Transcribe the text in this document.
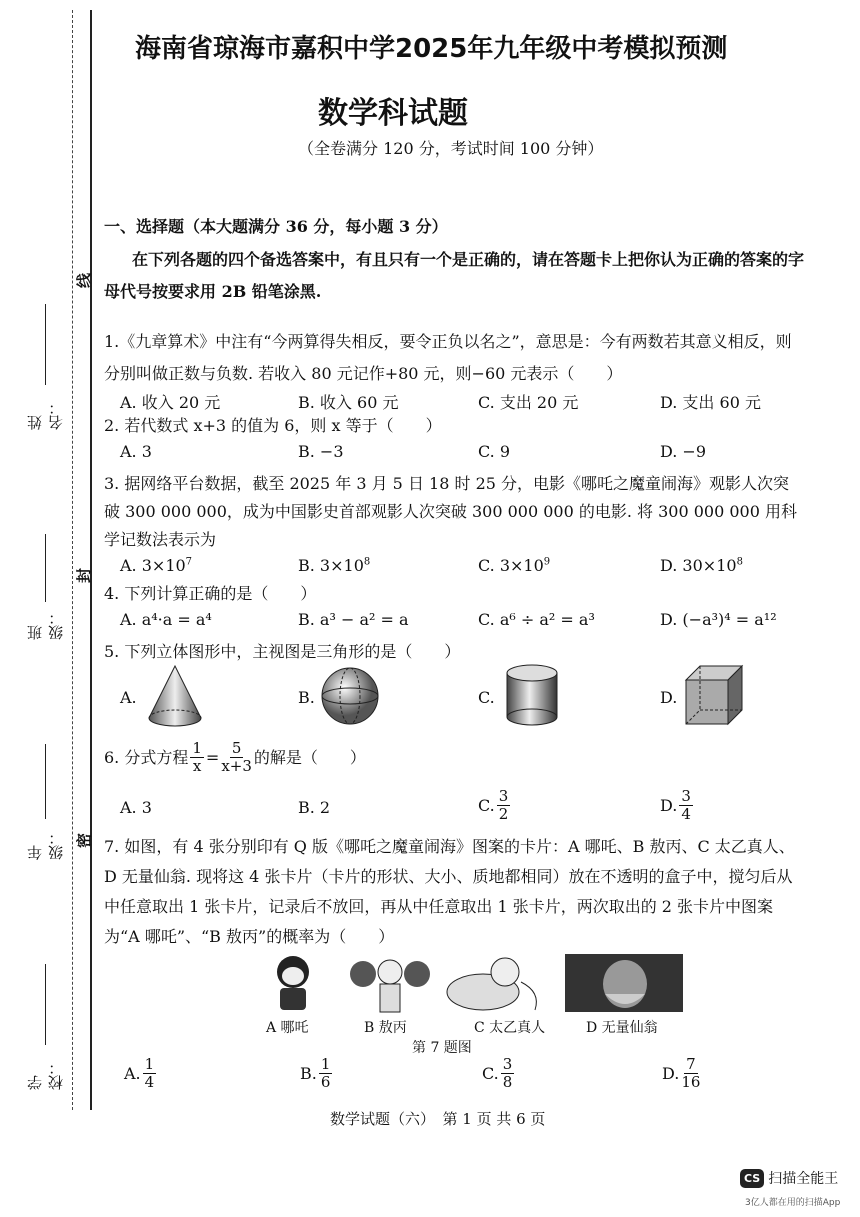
姓名：
班级：
年级：
学校：
线
封
密
海南省琼海市嘉积中学2025年九年级中考模拟预测
数学科试题
（全卷满分 120 分，考试时间 100 分钟）
一、选择题（本大题满分 36 分，每小题 3 分）
在下列各题的四个备选答案中，有且只有一个是正确的，请在答题卡上把你认为正确的答案的字母代号按要求用 2B 铅笔涂黑.
1.《九章算术》中注有“今两算得失相反，要令正负以名之”，意思是：今有两数若其意义相反，则分别叫做正数与负数. 若收入 80 元记作+80 元，则−60 元表示（　　）
A. 收入 20 元	B. 收入 60 元	C. 支出 20 元	D. 支出 60 元
2. 若代数式 x+3 的值为 6，则 x 等于（　　）
A. 3	B. −3	C. 9	D. −9
3. 据网络平台数据，截至 2025 年 3 月 5 日 18 时 25 分，电影《哪吒之魔童闹海》观影人次突破 300 000 000，成为中国影史首部观影人次突破 300 000 000 的电影. 将 300 000 000 用科学记数法表示为
A. $3\times 10^7$	B. $3\times 10^8$	C. $3\times 10^9$	D. $30\times 10^8$
4. 下列计算正确的是（　　）
A. a⁴·a = a⁴	B. a³ − a² = a	C. a⁶ ÷ a² = a³	D. (−a³)⁴ = a¹²
5. 下列立体图形中，主视图是三角形的是（　　）
A.	B.	C.	D.
6. 分式方程 $\frac{1}{x} = \frac{5}{x+3}$ 的解是（　　）
A. 3	B. 2	C. $\frac{3}{2}$	D. $\frac{3}{4}$
7. 如图，有 4 张分别印有 Q 版《哪吒之魔童闹海》图案的卡片：A 哪吒、B 敖丙、C 太乙真人、D 无量仙翁. 现将这 4 张卡片（卡片的形状、大小、质地都相同）放在不透明的盒子中，搅匀后从中任意取出 1 张卡片，记录后不放回，再从中任意取出 1 张卡片，两次取出的 2 张卡片中图案为“A 哪吒”、“B 敖丙”的概率为（　　）
A 哪吒	B 敖丙	C 太乙真人	D 无量仙翁
第 7 题图
A. $\frac{1}{4}$	B. $\frac{1}{6}$	C. $\frac{3}{8}$	D. $\frac{7}{16}$
数学试题（六）　第 1 页 共 6 页
CS 扫描全能王
3亿人都在用的扫描App
